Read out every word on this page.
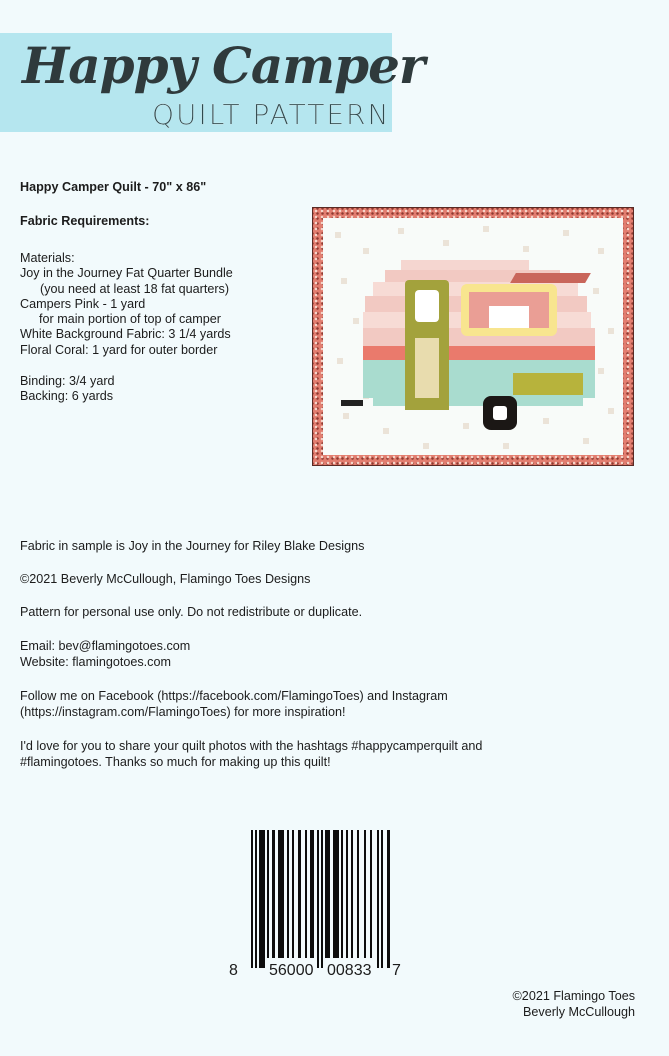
Happy Camper
QUILT PATTERN
Happy Camper Quilt - 70" x 86"
Fabric Requirements:
Materials:
Joy in the Journey Fat Quarter Bundle
(you need at least 18 fat quarters)
Campers Pink - 1 yard
for main portion of top of camper
White Background Fabric: 3 1/4 yards
Floral Coral: 1 yard for outer border
Binding: 3/4 yard
Backing: 6 yards
Fabric in sample is Joy in the Journey for Riley Blake Designs
©2021 Beverly McCullough, Flamingo Toes Designs
Pattern for personal use only. Do not redistribute or duplicate.
Email: bev@flamingotoes.com
Website: flamingotoes.com
Follow me on Facebook (https://facebook.com/FlamingoToes) and Instagram
(https://instagram.com/FlamingoToes) for more inspiration!
I'd love for you to share your quilt photos with the hashtags #happycamperquilt and
#flamingotoes. Thanks so much for making up this quilt!
8 56000 00833 7
©2021 Flamingo Toes
Beverly McCullough
